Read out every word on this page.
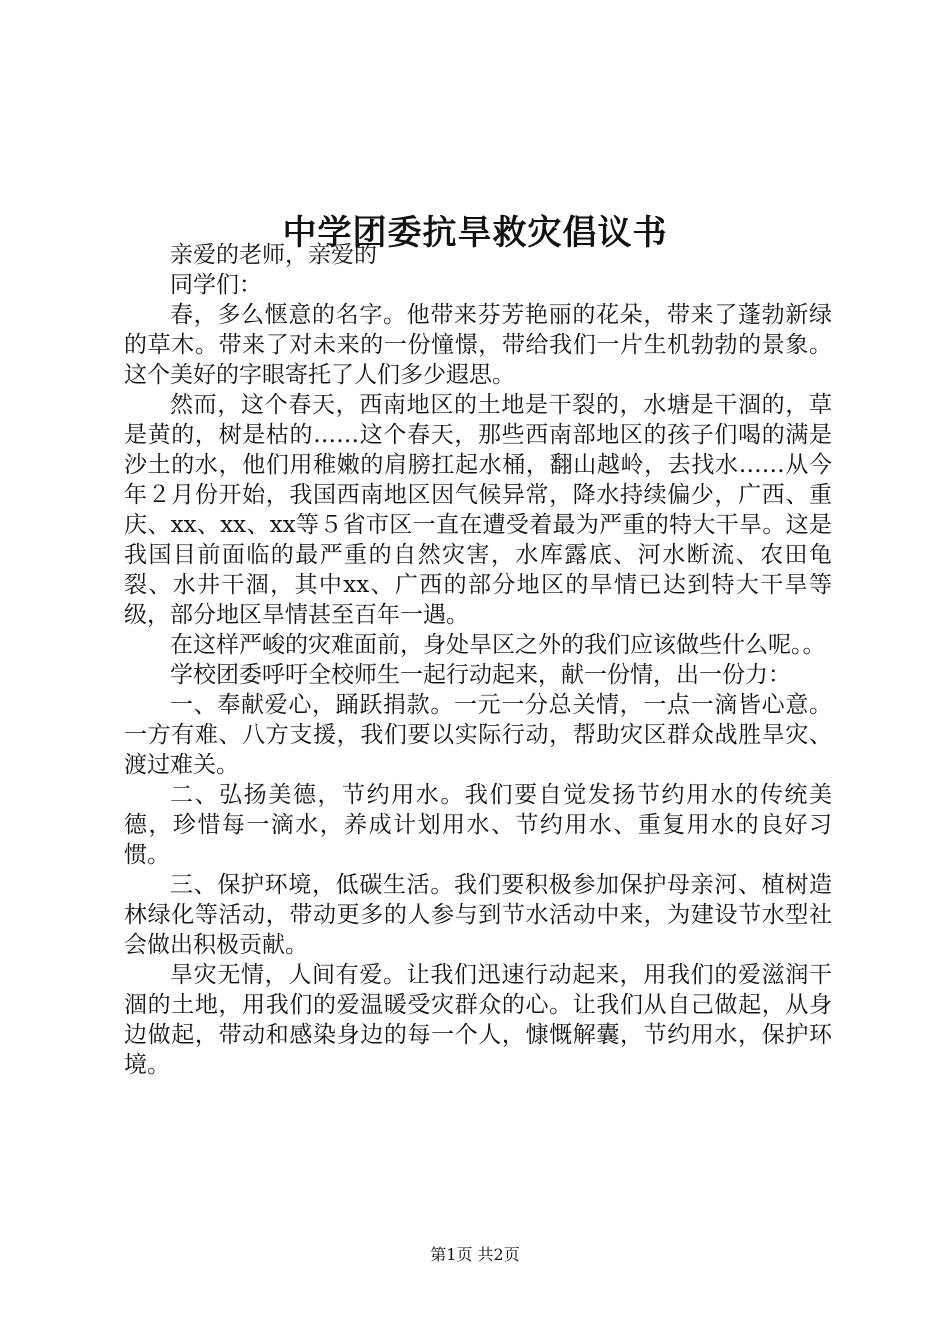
中学团委抗旱救灾倡议书

亲爱的老师，亲爱的

同学们：

春，多么惬意的名字。他带来芬芳艳丽的花朵，带来了蓬勃新绿的草木。带来了对未来的一份憧憬，带给我们一片生机勃勃的景象。这个美好的字眼寄托了人们多少遐思。

然而，这个春天，西南地区的土地是干裂的，水塘是干涸的，草是黄的，树是枯的……这个春天，那些西南部地区的孩子们喝的满是沙土的水，他们用稚嫩的肩膀扛起水桶，翻山越岭，去找水……从今年２月份开始，我国西南地区因气候异常，降水持续偏少，广西、重庆、xx、xx、xx等５省市区一直在遭受着最为严重的特大干旱。这是我国目前面临的最严重的自然灾害，水库露底、河水断流、农田龟裂、水井干涸，其中xx、广西的部分地区的旱情已达到特大干旱等级，部分地区旱情甚至百年一遇。

在这样严峻的灾难面前，身处旱区之外的我们应该做些什么呢。。

学校团委呼吁全校师生一起行动起来，献一份情，出一份力：

一、奉献爱心，踊跃捐款。一元一分总关情，一点一滴皆心意。一方有难、八方支援，我们要以实际行动，帮助灾区群众战胜旱灾、渡过难关。

二、弘扬美德，节约用水。我们要自觉发扬节约用水的传统美德，珍惜每一滴水，养成计划用水、节约用水、重复用水的良好习惯。

三、保护环境，低碳生活。我们要积极参加保护母亲河、植树造林绿化等活动，带动更多的人参与到节水活动中来，为建设节水型社会做出积极贡献。

旱灾无情，人间有爱。让我们迅速行动起来，用我们的爱滋润干涸的土地，用我们的爱温暖受灾群众的心。让我们从自己做起，从身边做起，带动和感染身边的每一个人，慷慨解囊，节约用水，保护环境。

第1页 共2页
